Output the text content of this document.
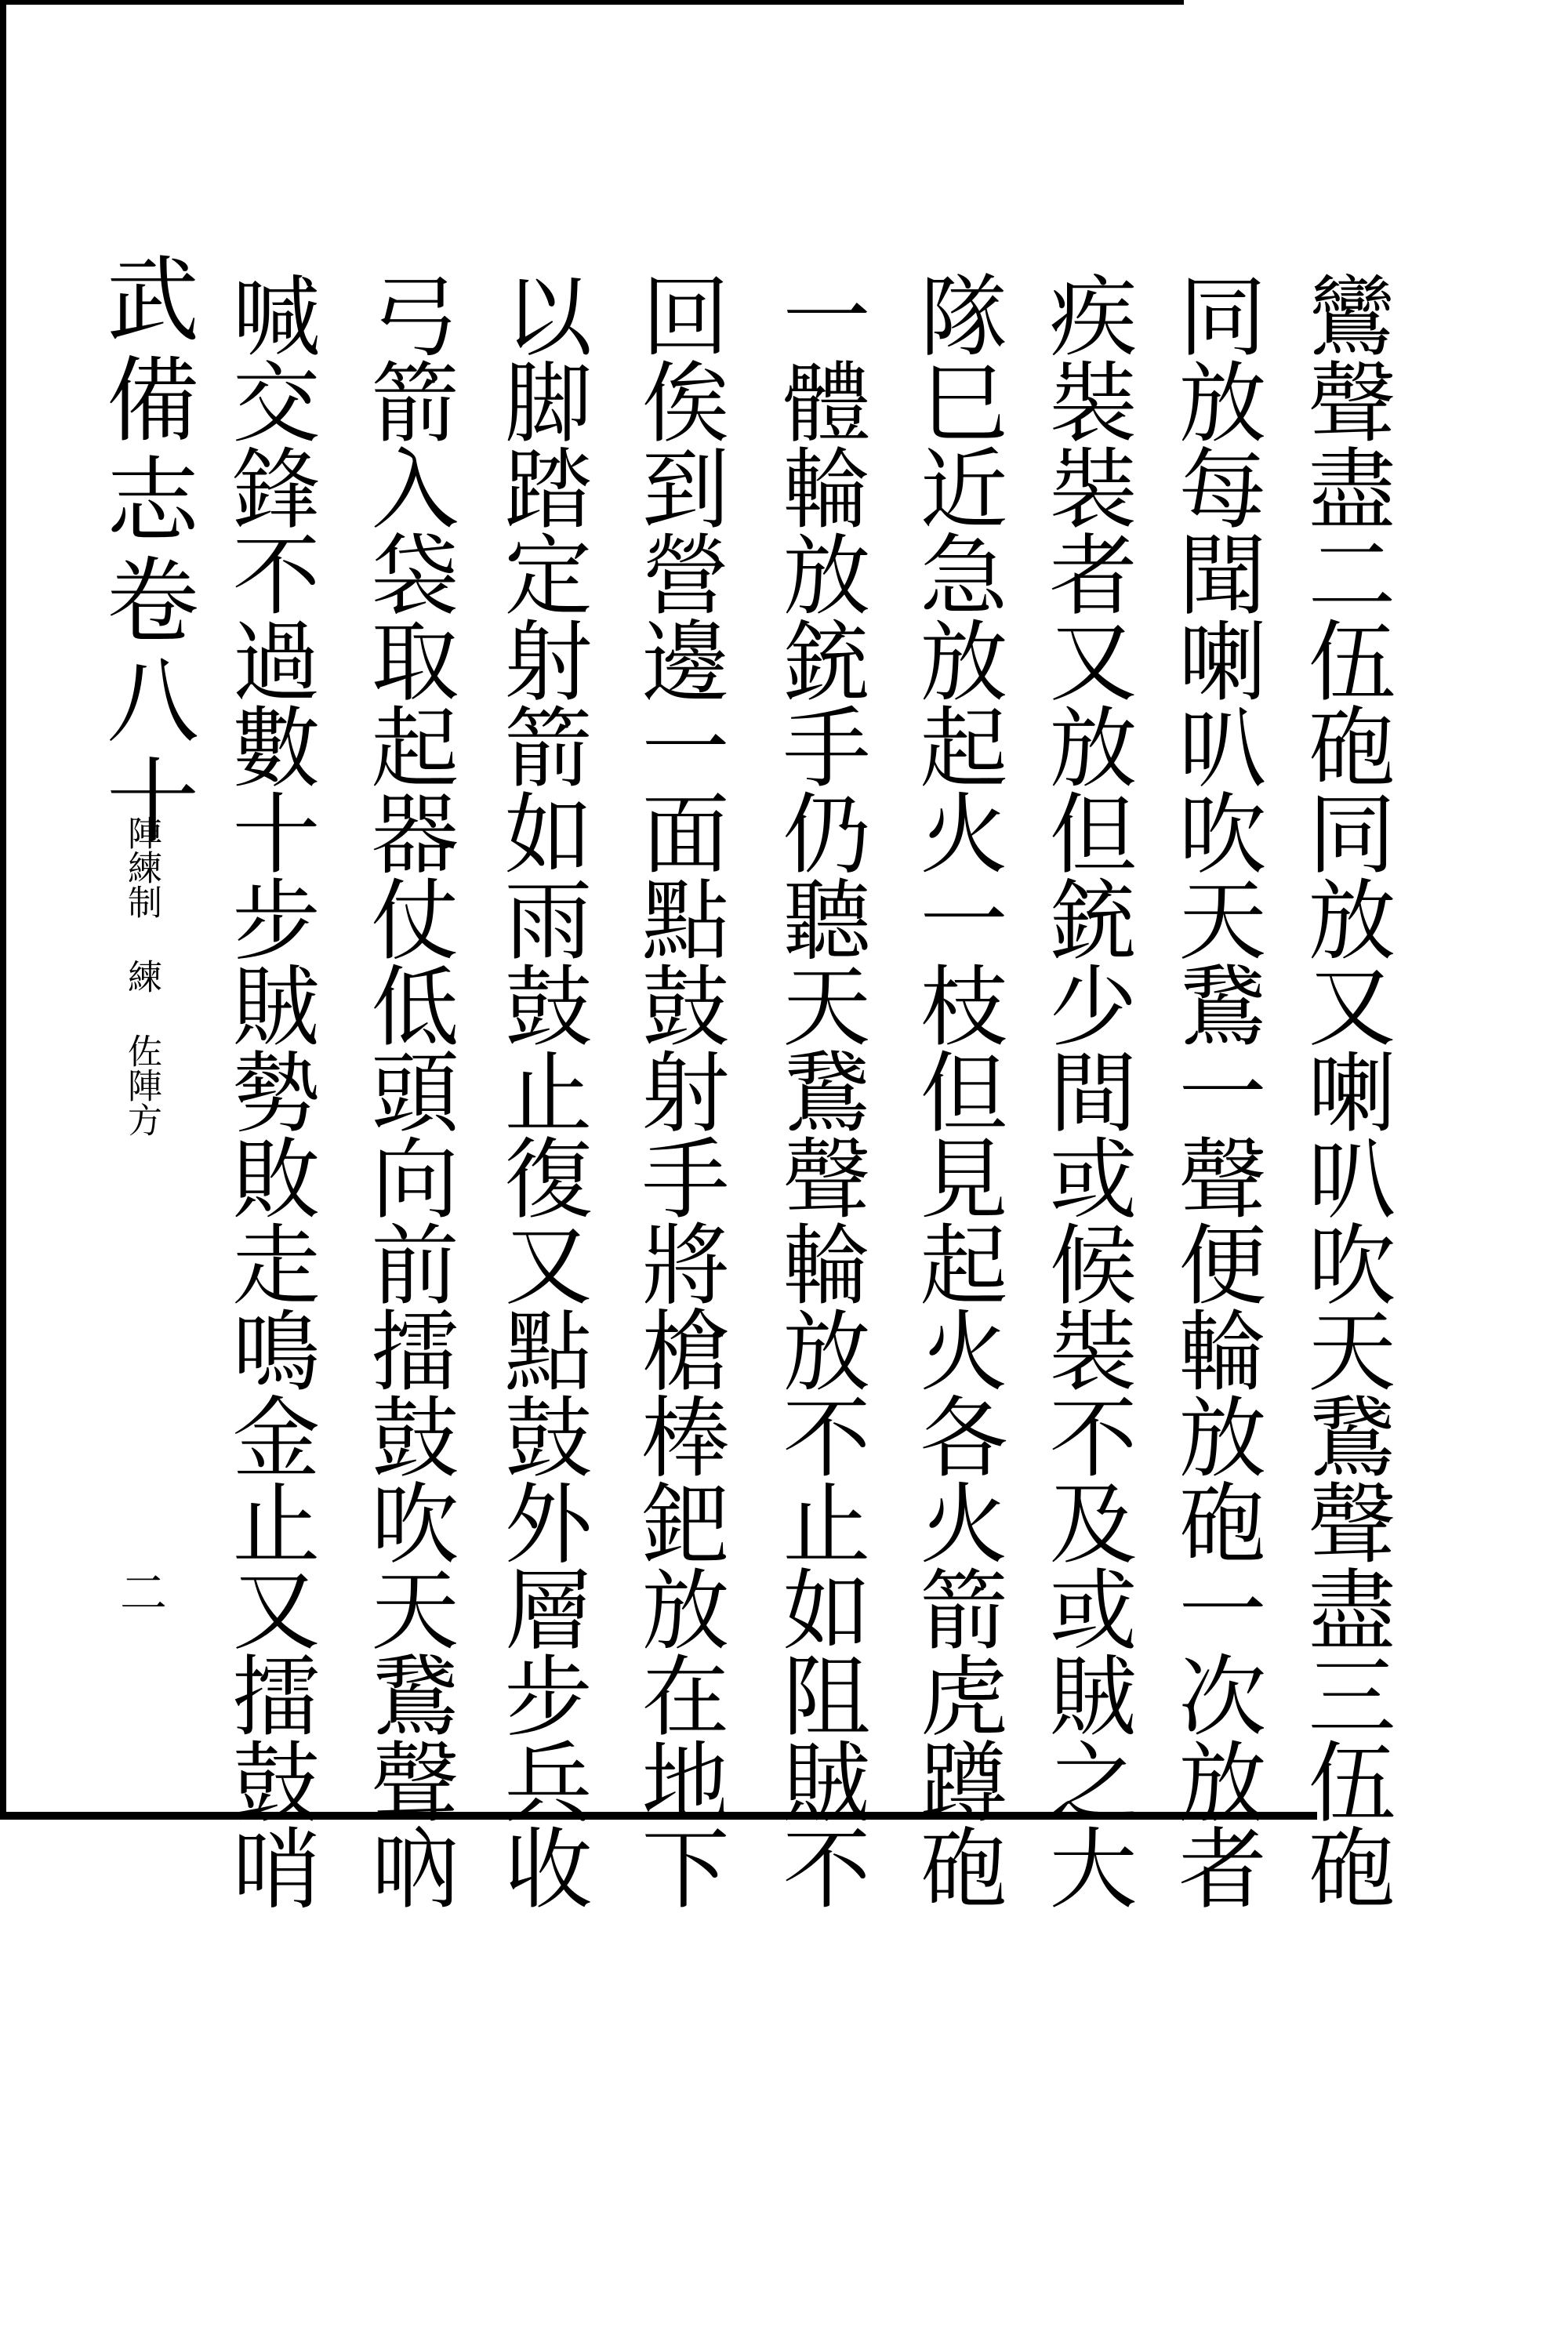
鸞聲盡二伍砲同放又喇叭吹天鵞聲盡三伍砲
同放每聞喇叭吹天鵞一聲便輪放砲一次放者
疾裝裝者又放但銃少間或候裝不及或賊之大
隊巳近急放起火一枝但見起火各火箭虎蹲砲
一體輪放銃手仍聽天鵞聲輪放不止如阻賊不
回俟到營邊一面點鼓射手將槍棒鈀放在地下
以脚踏定射箭如雨鼓止復又點鼓外層步兵收
弓箭入袋取起器仗低頭向前擂鼓吹天鵞聲吶
喊交鋒不過數十步賊勢敗走鳴金止又擂鼓哨
武備志卷八十
陣練制 練 佐陣方
二
